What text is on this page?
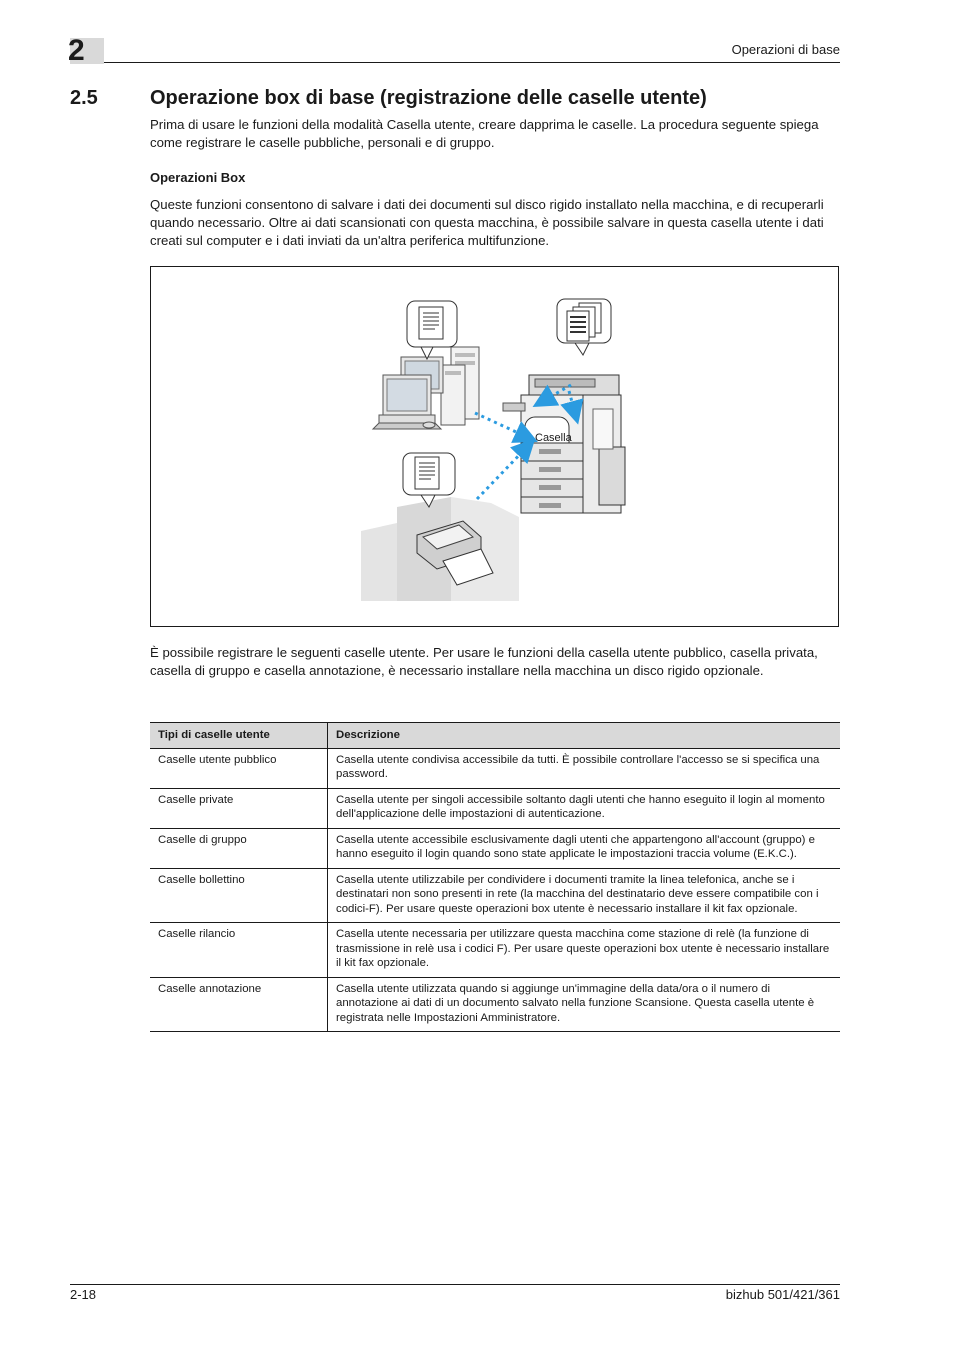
2	Operazioni di base
2.5	Operazione box di base (registrazione delle caselle utente)

Prima di usare le funzioni della modalità Casella utente, creare dapprima le caselle. La procedura seguente spiega come registrare le caselle pubbliche, personali e di gruppo.

Operazioni Box

Queste funzioni consentono di salvare i dati dei documenti sul disco rigido installato nella macchina, e di recuperarli quando necessario. Oltre ai dati scansionati con questa macchina, è possibile salvare in questa casella utente i dati creati sul computer e i dati inviati da un'altra periferica multifunzione.

Casella

È possibile registrare le seguenti caselle utente. Per usare le funzioni della casella utente pubblico, casella privata, casella di gruppo e casella annotazione, è necessario installare nella macchina un disco rigido opzionale.

Tipi di caselle utente	Descrizione
Caselle utente pubblico	Casella utente condivisa accessibile da tutti. È possibile controllare l'accesso se si specifica una password.
Caselle private	Casella utente per singoli accessibile soltanto dagli utenti che hanno eseguito il login al momento dell'applicazione delle impostazioni di autenticazione.
Caselle di gruppo	Casella utente accessibile esclusivamente dagli utenti che appartengono all'account (gruppo) e hanno eseguito il login quando sono state applicate le impostazioni traccia volume (E.K.C.).
Caselle bollettino	Casella utente utilizzabile per condividere i documenti tramite la linea telefonica, anche se i destinatari non sono presenti in rete (la macchina del destinatario deve essere compatibile con i codici-F). Per usare queste operazioni box utente è necessario installare il kit fax opzionale.
Caselle rilancio	Casella utente necessaria per utilizzare questa macchina come stazione di relè (la funzione di trasmissione in relè usa i codici F). Per usare queste operazioni box utente è necessario installare il kit fax opzionale.
Caselle annotazione	Casella utente utilizzata quando si aggiunge un'immagine della data/ora o il numero di annotazione ai dati di un documento salvato nella funzione Scansione. Questa casella utente è registrata nelle Impostazioni Amministratore.
2-18	bizhub 501/421/361
